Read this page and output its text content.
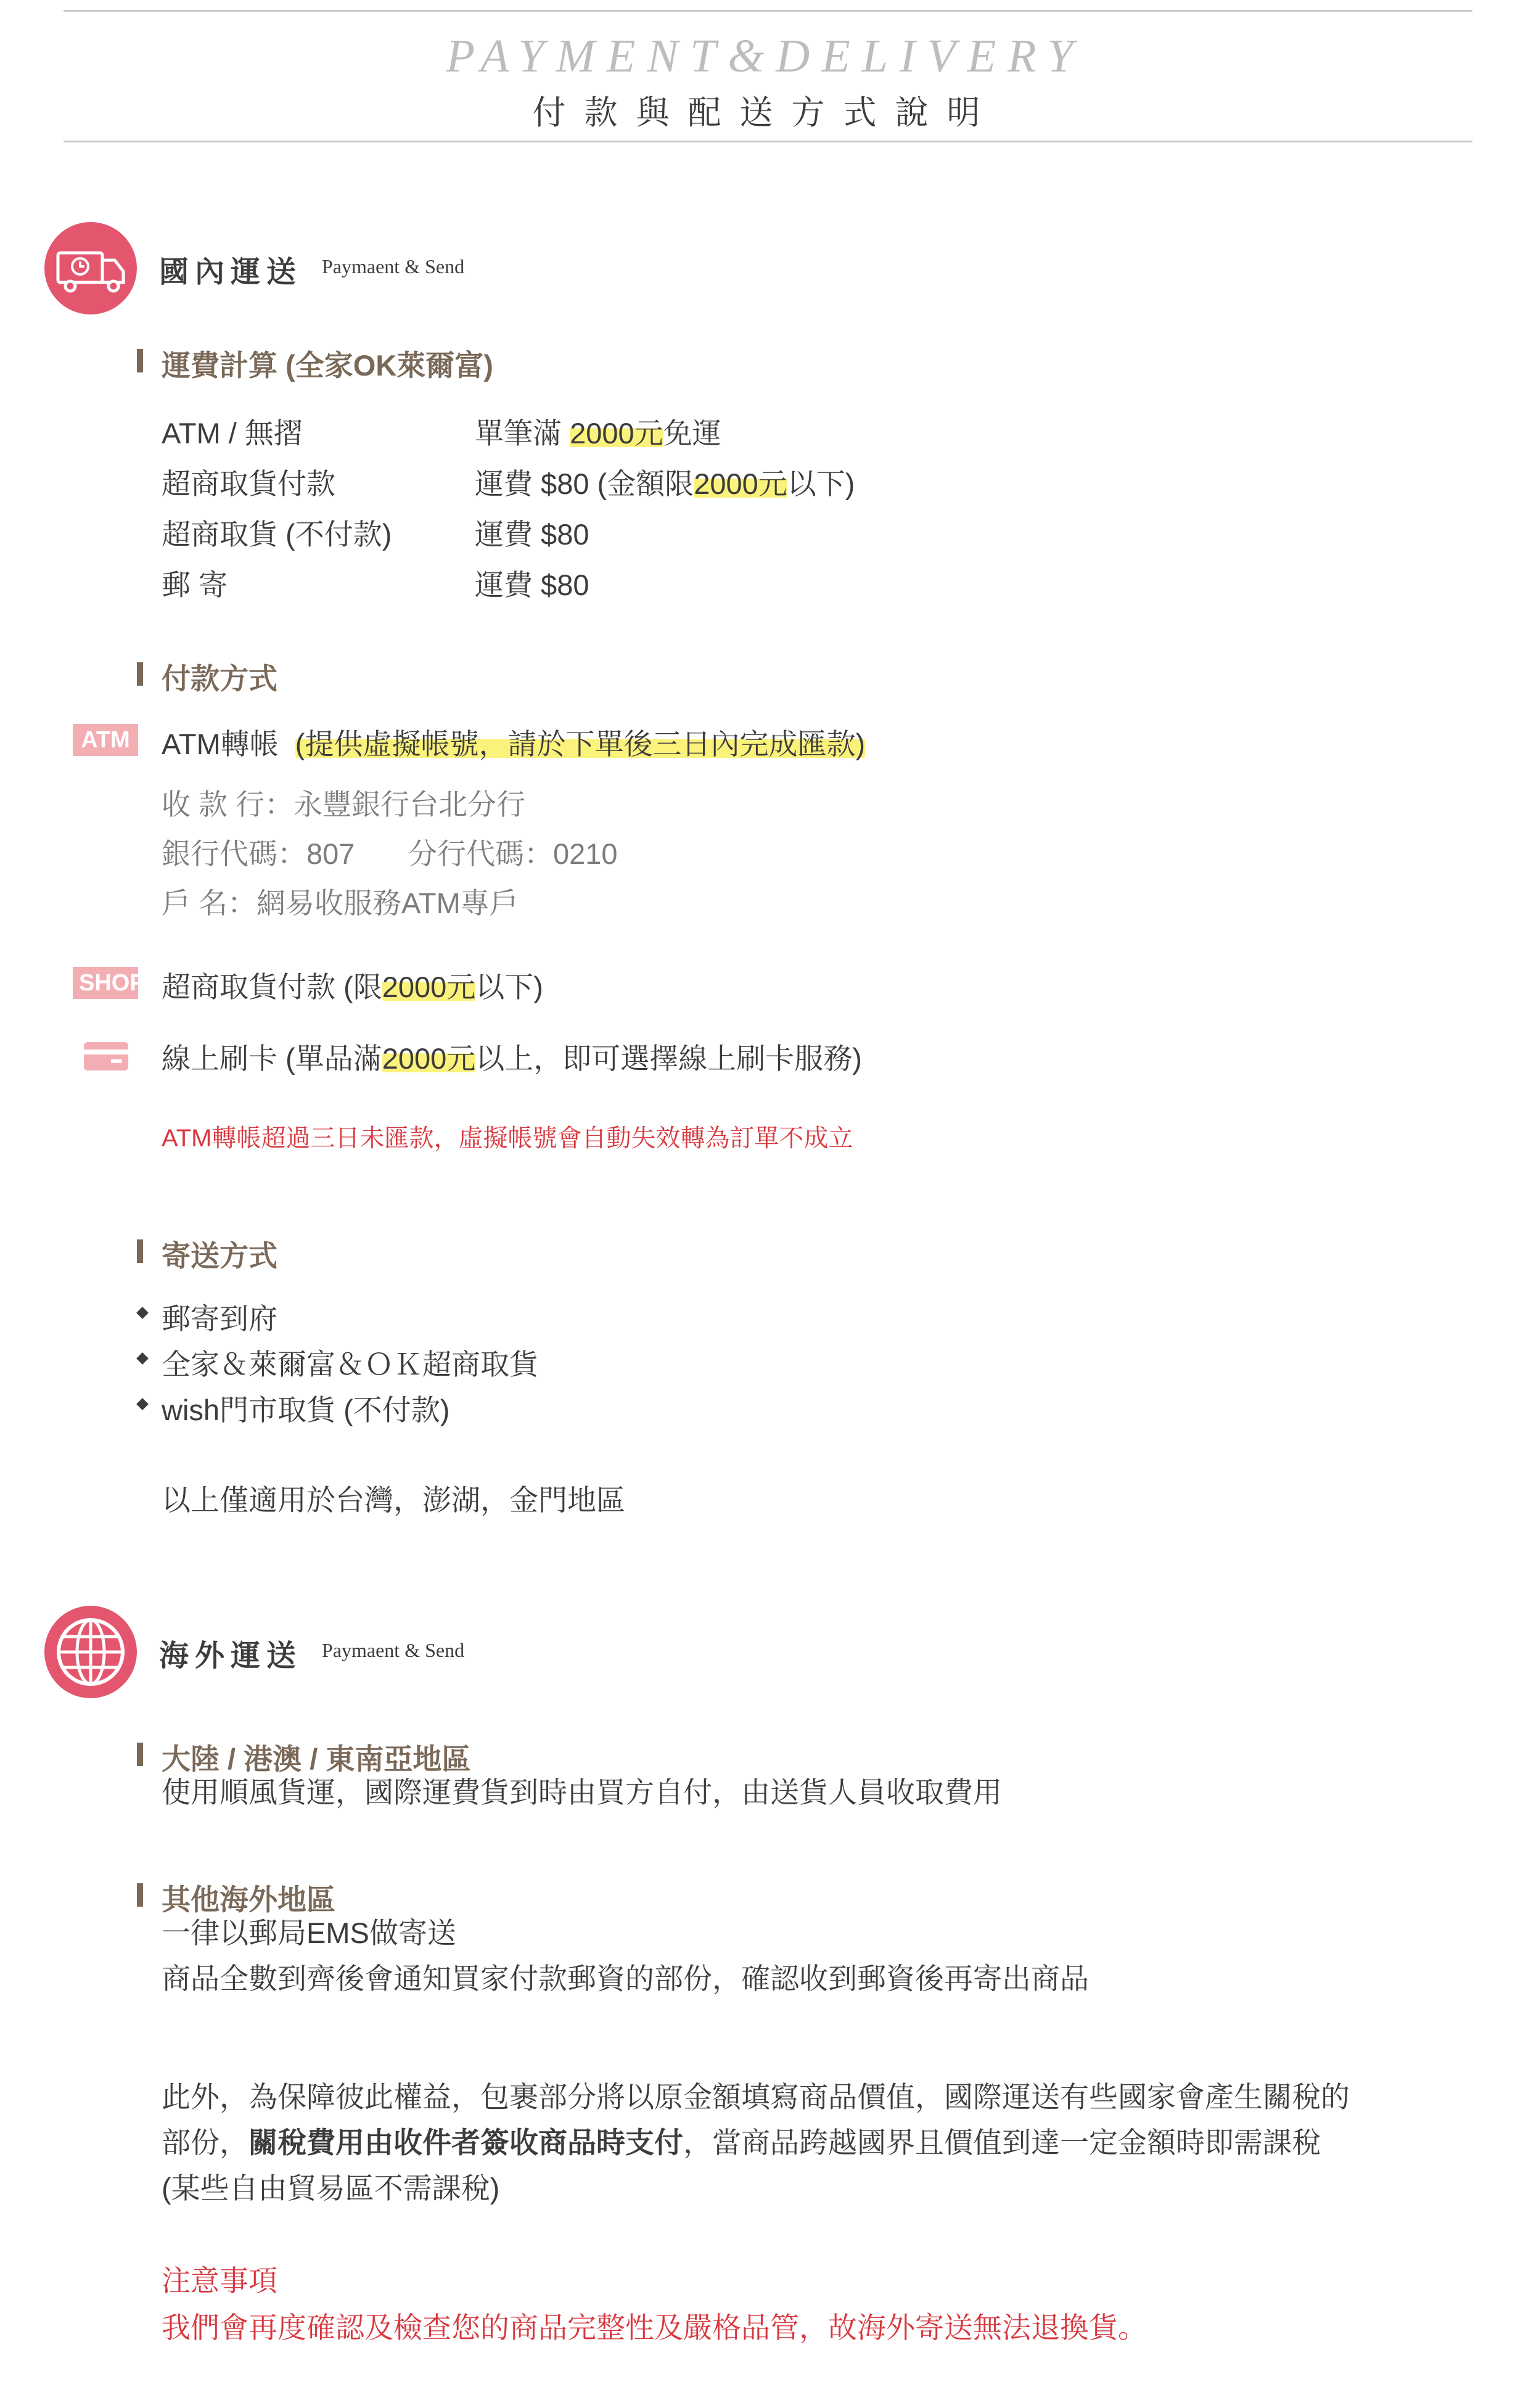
PAYMENT&DELIVERY
付款與配送方式說明
國內運送 Paymaent & Send
運費計算 (全家OK萊爾富)
ATM / 無摺	單筆滿 2000元免運
超商取貨付款	運費 $80 (金額限2000元以下)
超商取貨 (不付款)	運費 $80
郵 寄	運費 $80
付款方式
ATM ATM轉帳 (提供虛擬帳號，請於下單後三日內完成匯款)
收 款 行：永豐銀行台北分行
銀行代碼：807 分行代碼：0210
戶 名：網易收服務ATM專戶
SHOP 超商取貨付款 (限2000元以下)
線上刷卡 (單品滿2000元以上，即可選擇線上刷卡服務)
ATM轉帳超過三日未匯款，虛擬帳號會自動失效轉為訂單不成立
寄送方式
郵寄到府
全家＆萊爾富＆ＯＫ超商取貨
wish門市取貨 (不付款)
以上僅適用於台灣，澎湖，金門地區
海外運送 Paymaent & Send
大陸 / 港澳 / 東南亞地區
使用順風貨運，國際運費貨到時由買方自付，由送貨人員收取費用
其他海外地區
一律以郵局EMS做寄送
商品全數到齊後會通知買家付款郵資的部份，確認收到郵資後再寄出商品
此外，為保障彼此權益，包裹部分將以原金額填寫商品價值，國際運送有些國家會產生關稅的
部份，關稅費用由收件者簽收商品時支付，當商品跨越國界且價值到達一定金額時即需課稅
(某些自由貿易區不需課稅)
注意事項
我們會再度確認及檢查您的商品完整性及嚴格品管，故海外寄送無法退換貨。
